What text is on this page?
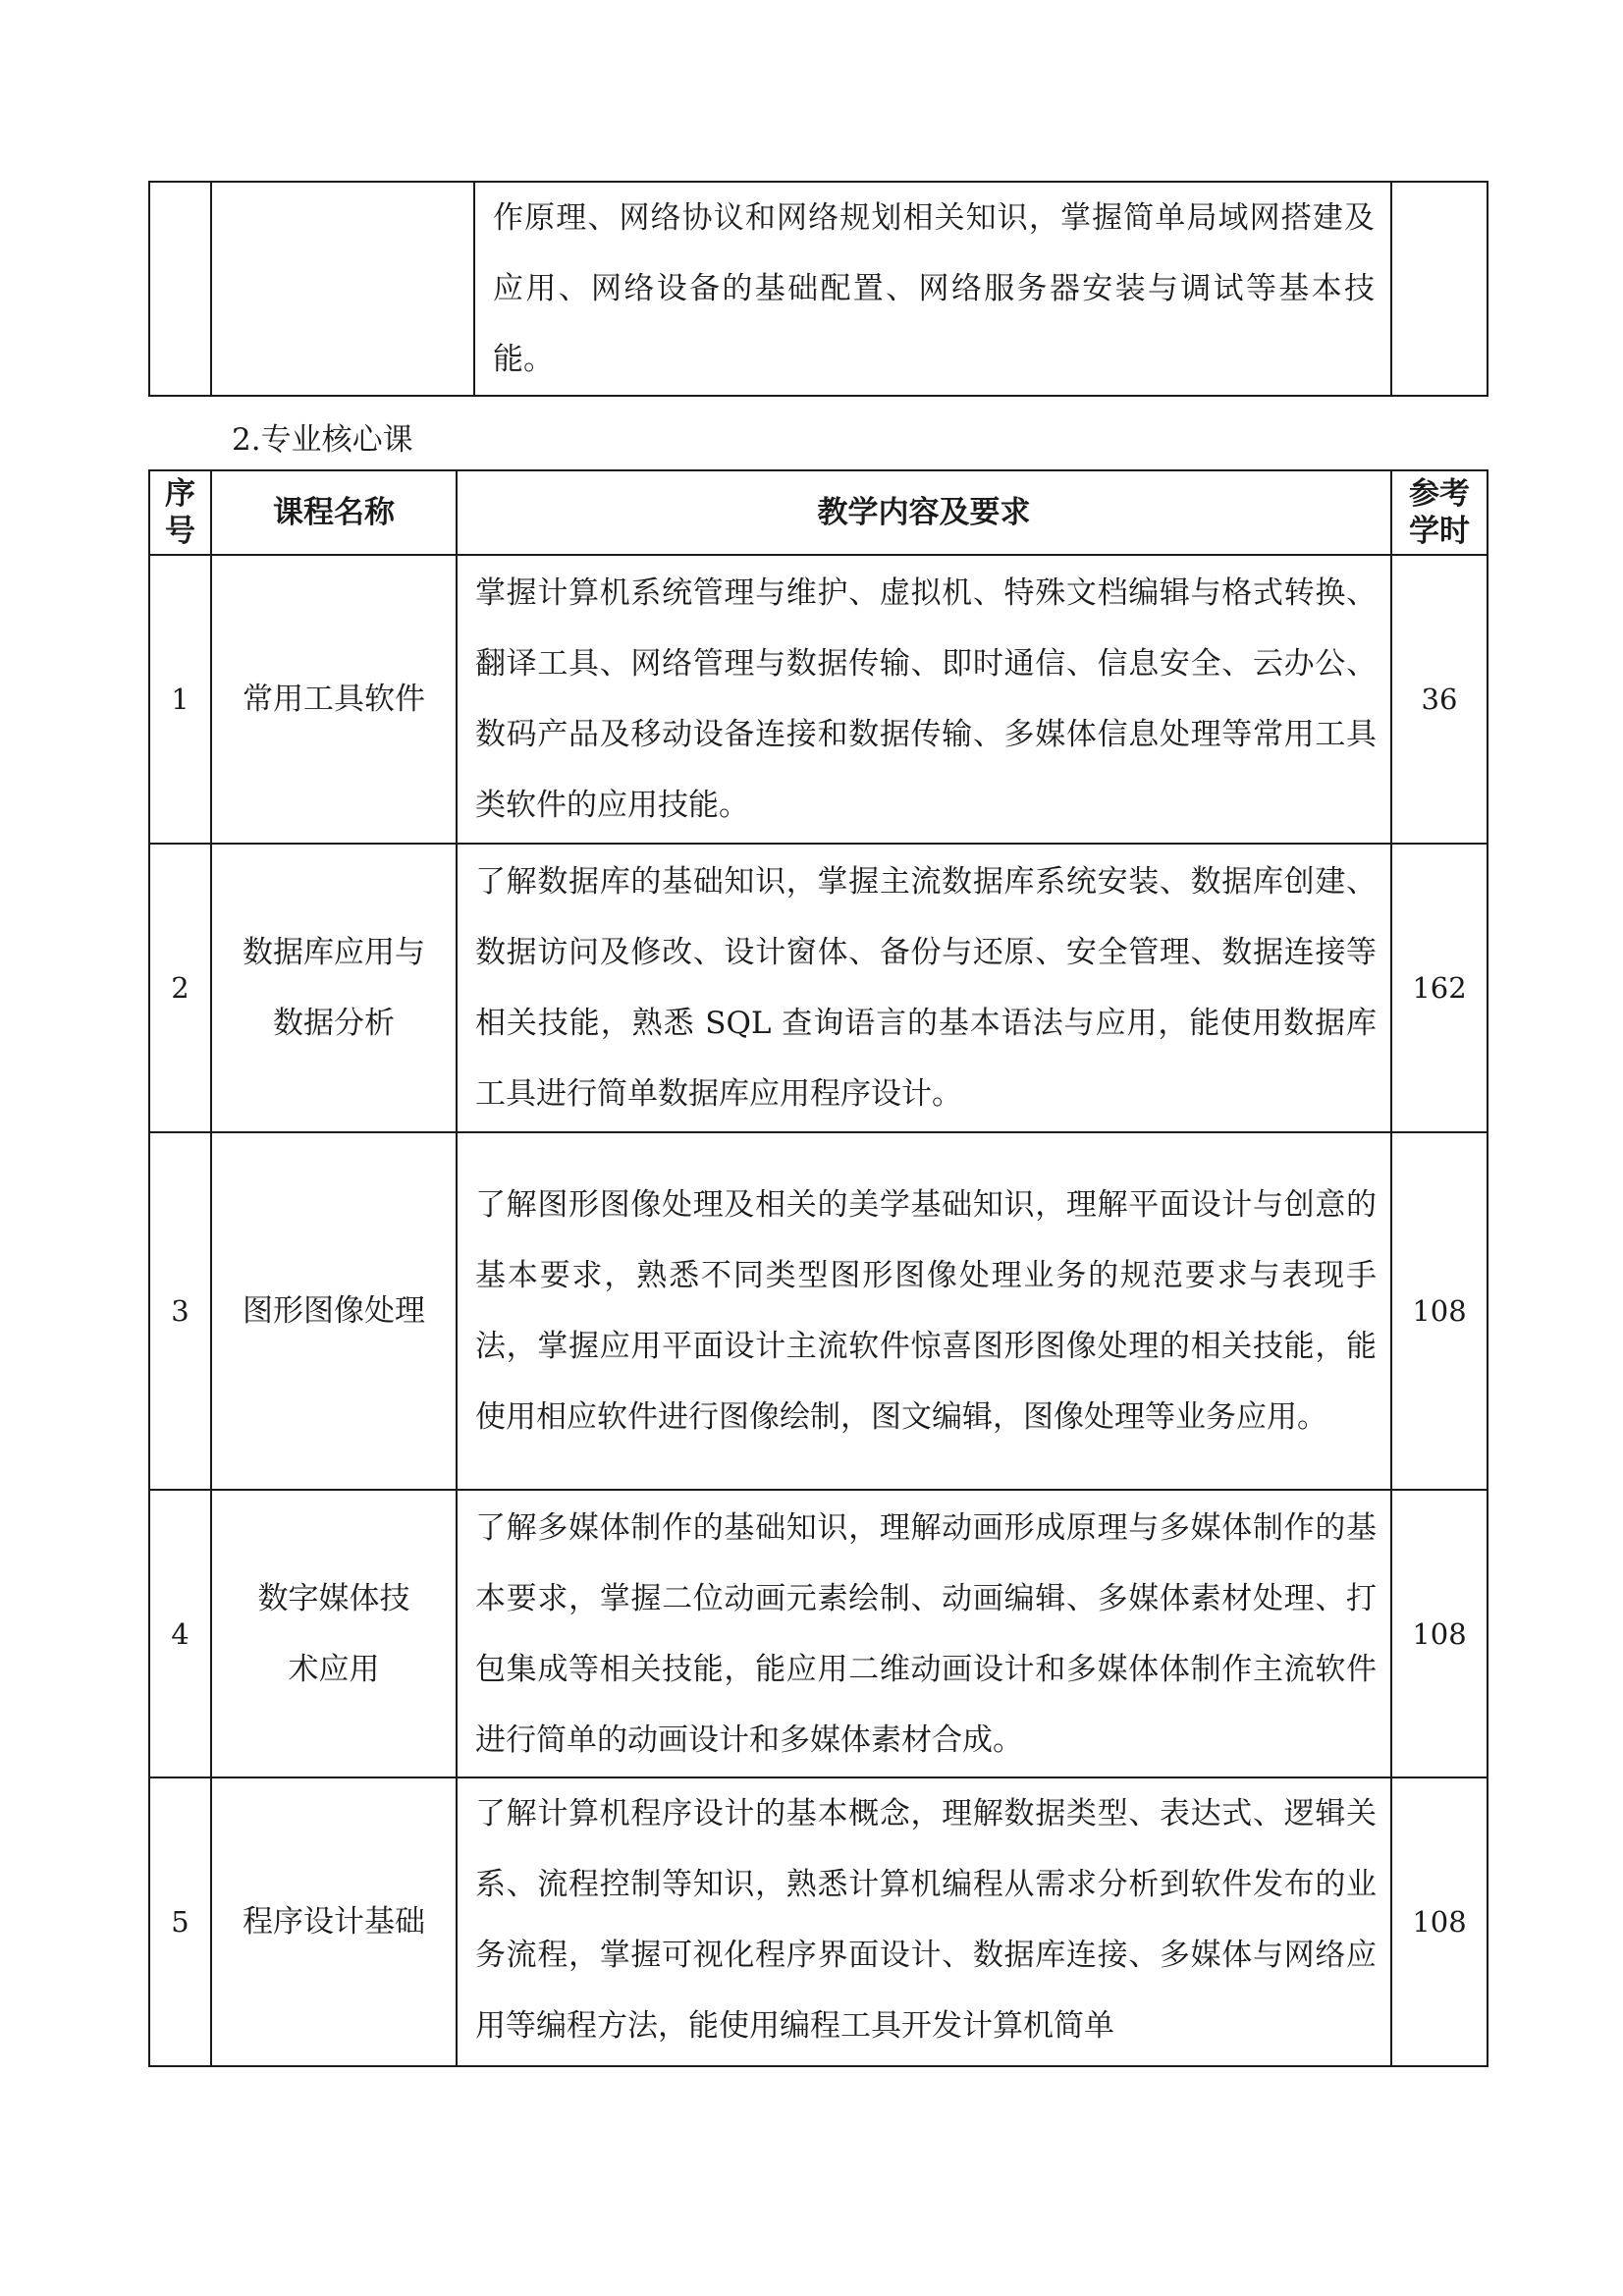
		作原理、网络协议和网络规划相关知识，掌握简单局域网搭建及应用、网络设备的基础配置、网络服务器安装与调试等基本技能。	
2.专业核心课
序号	课程名称	教学内容及要求	参考学时

1	常用工具软件	掌握计算机系统管理与维护、虚拟机、特殊文档编辑与格式转换、翻译工具、网络管理与数据传输、即时通信、信息安全、云办公、数码产品及移动设备连接和数据传输、多媒体信息处理等常用工具类软件的应用技能。	36
2	数据库应用与数据分析	了解数据库的基础知识，掌握主流数据库系统安装、数据库创建、数据访问及修改、设计窗体、备份与还原、安全管理、数据连接等相关技能，熟悉 SQL 查询语言的基本语法与应用，能使用数据库工具进行简单数据库应用程序设计。	162
3	图形图像处理	了解图形图像处理及相关的美学基础知识，理解平面设计与创意的基本要求，熟悉不同类型图形图像处理业务的规范要求与表现手法，掌握应用平面设计主流软件惊喜图形图像处理的相关技能，能使用相应软件进行图像绘制，图文编辑，图像处理等业务应用。	108
4	数字媒体技术应用	了解多媒体制作的基础知识，理解动画形成原理与多媒体制作的基本要求，掌握二位动画元素绘制、动画编辑、多媒体素材处理、打包集成等相关技能，能应用二维动画设计和多媒体体制作主流软件进行简单的动画设计和多媒体素材合成。	108
5	程序设计基础	了解计算机程序设计的基本概念，理解数据类型、表达式、逻辑关系、流程控制等知识，熟悉计算机编程从需求分析到软件发布的业务流程，掌握可视化程序界面设计、数据库连接、多媒体与网络应用等编程方法，能使用编程工具开发计算机简单	108
